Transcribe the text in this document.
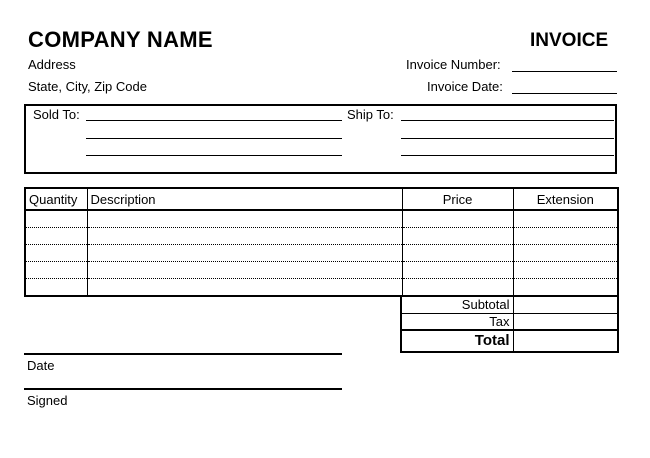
COMPANY NAME	INVOICE
Address
State, City, Zip Code
Invoice Number:
Invoice Date:
Sold To:	Ship To:
Quantity	Description	Price	Extension

Subtotal	
Tax	
Total	
Date
Signed
